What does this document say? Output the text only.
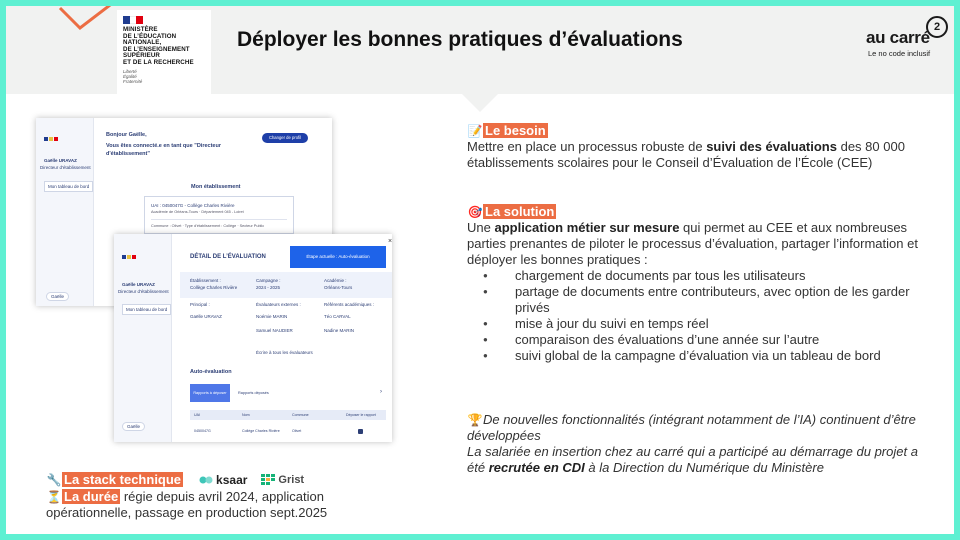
MINISTÈRE
DE L’ÉDUCATION
NATIONALE,
DE L’ENSEIGNEMENT
SUPÉRIEUR
ET DE LA RECHERCHE
Liberté
Égalité
Fraternité
Déployer les bonnes pratiques d’évaluations	au carré
2
Le no code inclusif
Gaëlle URAVAZ
Directeur d'établissement
Mon tableau de bord
Bonjour Gaëlle,
Vous êtes connecté.e en tant que "Directeur d'établissement"
Changer de profil
Mon établissement
UAI : 0450047G - Collège Charles Rivière
Académie de Orléans-Tours · Département 045 - Loiret
Commune : Olivet · Type d'établissement : Collège · Secteur Public
Gaëlle
Gaëlle URAVAZ
Directeur d'établissement
Mon tableau de bord
Gaëlle
DÉTAIL DE L’ÉVALUATION	Étape actuelle : Auto-évaluation
×
Établissement :
Collège Charles Rivière
Campagne :
2024 - 2025
Académie :
Orléans-Tours
Principal :
Gaëlle URAVAZ
Évaluateurs externes :
Noémie MARIN
Samuel NAUDIER
Écrire à tous les évaluateurs
Référents académiques :
Téo CARVAL
Nadine MARIN
Auto-évaluation
Rapports à déposer	Rapports déposés	›
UAI	Nom	Commune	Déposer le rapport
0450047G	Collège Charles Rivière	Olivet
🔧 La stack technique	ksaar	Grist
⏳ La durée régie depuis avril 2024, application opérationnelle, passage en production sept.2025
📝 Le besoin
Mettre en place un processus robuste de suivi des évaluations des 80 000 établissements scolaires pour le Conseil d’Évaluation de l’École (CEE)
🎯 La solution
Une application métier sur mesure qui permet au CEE et aux nombreuses parties prenantes de piloter le processus d’évaluation, partager l’information et déployer les bonnes pratiques :
● chargement de documents par tous les utilisateurs
● partage de documents entre contributeurs, avec option de les garder privés
● mise à jour du suivi en temps réel
● comparaison des évaluations d’une année sur l’autre
● suivi global de la campagne d’évaluation via un tableau de bord
🏆De nouvelles fonctionnalités (intégrant notamment de l’IA) continuent d’être développées
La salariée en insertion chez au carré qui a participé au démarrage du projet a été recrutée en CDI à la Direction du Numérique du Ministère
